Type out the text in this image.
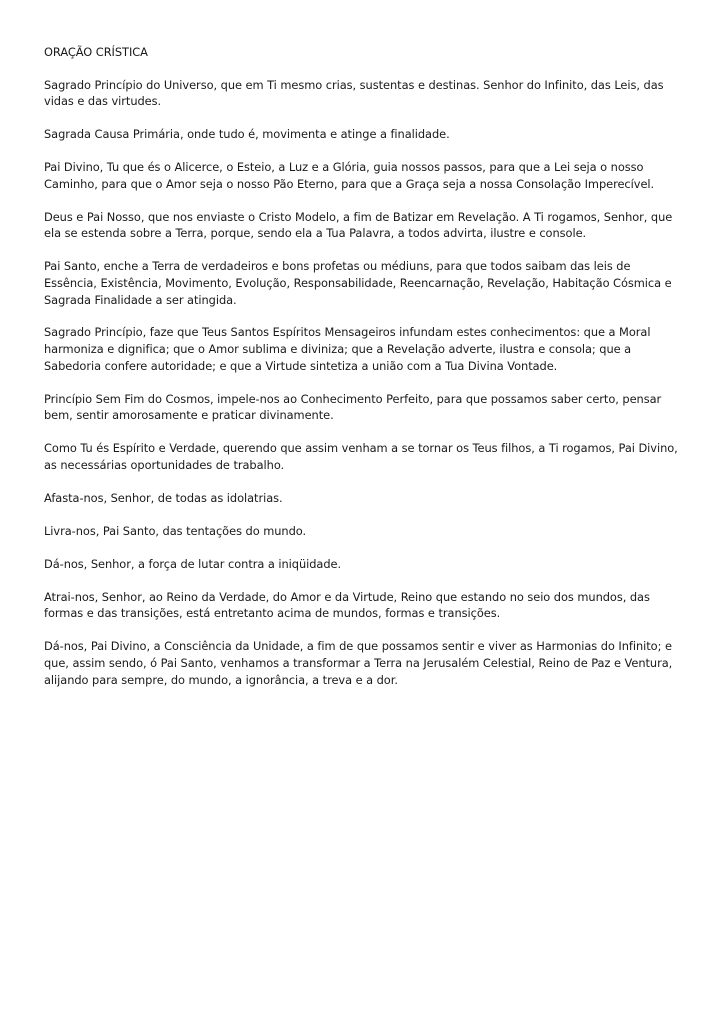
ORAÇÃO CRÍSTICA

Sagrado Princípio do Universo, que em Ti mesmo crias, sustentas e destinas. Senhor do Infinito, das Leis, das vidas e das virtudes.

Sagrada Causa Primária, onde tudo é, movimenta e atinge a finalidade.

Pai Divino, Tu que és o Alicerce, o Esteio, a Luz e a Glória, guia nossos passos, para que a Lei seja o nosso Caminho, para que o Amor seja o nosso Pão Eterno, para que a Graça seja a nossa Consolação Imperecível.

Deus e Pai Nosso, que nos enviaste o Cristo Modelo, a fim de Batizar em Revelação. A Ti rogamos, Senhor, que ela se estenda sobre a Terra, porque, sendo ela a Tua Palavra, a todos advirta, ilustre e console.

Pai Santo, enche a Terra de verdadeiros e bons profetas ou médiuns, para que todos saibam das leis de Essência, Existência, Movimento, Evolução, Responsabilidade, Reencarnação, Revelação, Habitação Cósmica e Sagrada Finalidade a ser atingida.

Sagrado Princípio, faze que Teus Santos Espíritos Mensageiros infundam estes conhecimentos: que a Moral harmoniza e dignifica; que o Amor sublima e diviniza; que a Revelação adverte, ilustra e consola; que a Sabedoria confere autoridade; e que a Virtude sintetiza a união com a Tua Divina Vontade.

Princípio Sem Fim do Cosmos, impele-nos ao Conhecimento Perfeito, para que possamos saber certo, pensar bem, sentir amorosamente e praticar divinamente.

Como Tu és Espírito e Verdade, querendo que assim venham a se tornar os Teus filhos, a Ti rogamos, Pai Divino, as necessárias oportunidades de trabalho.

Afasta-nos, Senhor, de todas as idolatrias.

Livra-nos, Pai Santo, das tentações do mundo.

Dá-nos, Senhor, a força de lutar contra a iniqüidade.

Atrai-nos, Senhor, ao Reino da Verdade, do Amor e da Virtude, Reino que estando no seio dos mundos, das formas e das transições, está entretanto acima de mundos, formas e transições.

Dá-nos, Pai Divino, a Consciência da Unidade, a fim de que possamos sentir e viver as Harmonias do Infinito; e que, assim sendo, ó Pai Santo, venhamos a transformar a Terra na Jerusalém Celestial, Reino de Paz e Ventura, alijando para sempre, do mundo, a ignorância, a treva e a dor.
